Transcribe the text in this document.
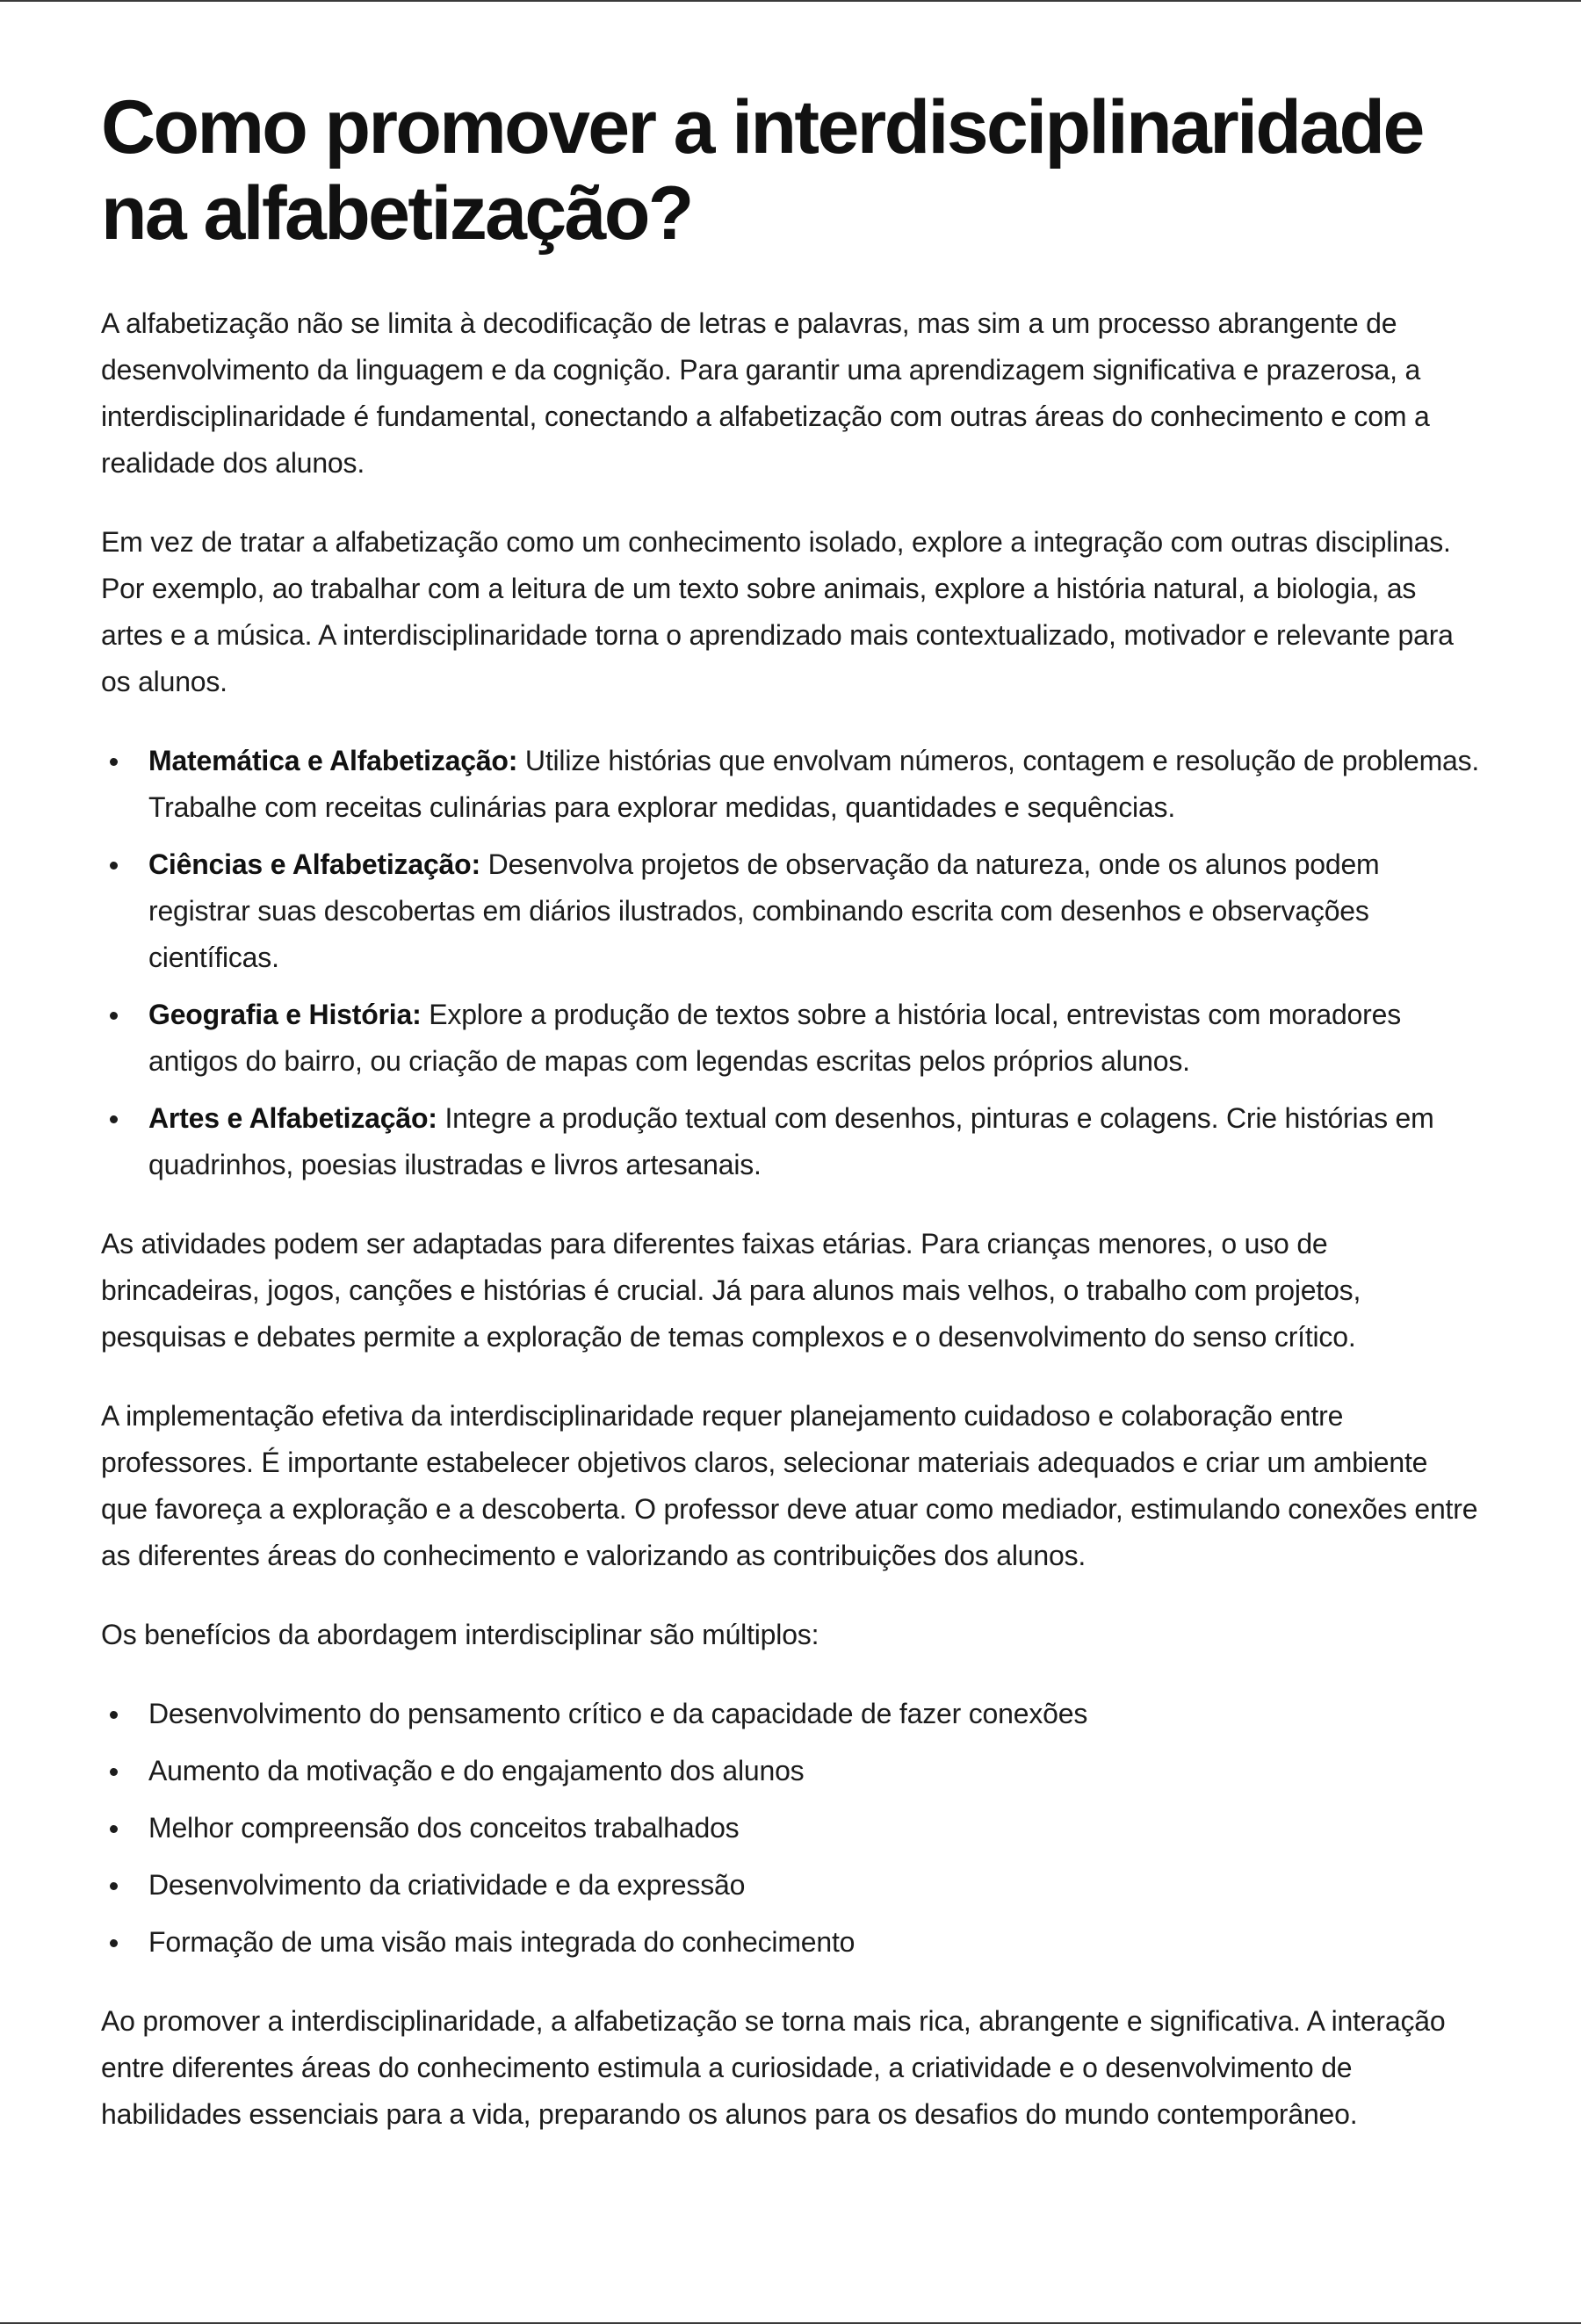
Como promover a interdisciplinaridade na alfabetização?

A alfabetização não se limita à decodificação de letras e palavras, mas sim a um processo abrangente de desenvolvimento da linguagem e da cognição. Para garantir uma aprendizagem significativa e prazerosa, a interdisciplinaridade é fundamental, conectando a alfabetização com outras áreas do conhecimento e com a realidade dos alunos.

Em vez de tratar a alfabetização como um conhecimento isolado, explore a integração com outras disciplinas. Por exemplo, ao trabalhar com a leitura de um texto sobre animais, explore a história natural, a biologia, as artes e a música. A interdisciplinaridade torna o aprendizado mais contextualizado, motivador e relevante para os alunos.

Matemática e Alfabetização: Utilize histórias que envolvam números, contagem e resolução de problemas. Trabalhe com receitas culinárias para explorar medidas, quantidades e sequências.
Ciências e Alfabetização: Desenvolva projetos de observação da natureza, onde os alunos podem registrar suas descobertas em diários ilustrados, combinando escrita com desenhos e observações científicas.
Geografia e História: Explore a produção de textos sobre a história local, entrevistas com moradores antigos do bairro, ou criação de mapas com legendas escritas pelos próprios alunos.
Artes e Alfabetização: Integre a produção textual com desenhos, pinturas e colagens. Crie histórias em quadrinhos, poesias ilustradas e livros artesanais.

As atividades podem ser adaptadas para diferentes faixas etárias. Para crianças menores, o uso de brincadeiras, jogos, canções e histórias é crucial. Já para alunos mais velhos, o trabalho com projetos, pesquisas e debates permite a exploração de temas complexos e o desenvolvimento do senso crítico.

A implementação efetiva da interdisciplinaridade requer planejamento cuidadoso e colaboração entre professores. É importante estabelecer objetivos claros, selecionar materiais adequados e criar um ambiente que favoreça a exploração e a descoberta. O professor deve atuar como mediador, estimulando conexões entre as diferentes áreas do conhecimento e valorizando as contribuições dos alunos.

Os benefícios da abordagem interdisciplinar são múltiplos:

Desenvolvimento do pensamento crítico e da capacidade de fazer conexões
Aumento da motivação e do engajamento dos alunos
Melhor compreensão dos conceitos trabalhados
Desenvolvimento da criatividade e da expressão
Formação de uma visão mais integrada do conhecimento

Ao promover a interdisciplinaridade, a alfabetização se torna mais rica, abrangente e significativa. A interação entre diferentes áreas do conhecimento estimula a curiosidade, a criatividade e o desenvolvimento de habilidades essenciais para a vida, preparando os alunos para os desafios do mundo contemporâneo.
